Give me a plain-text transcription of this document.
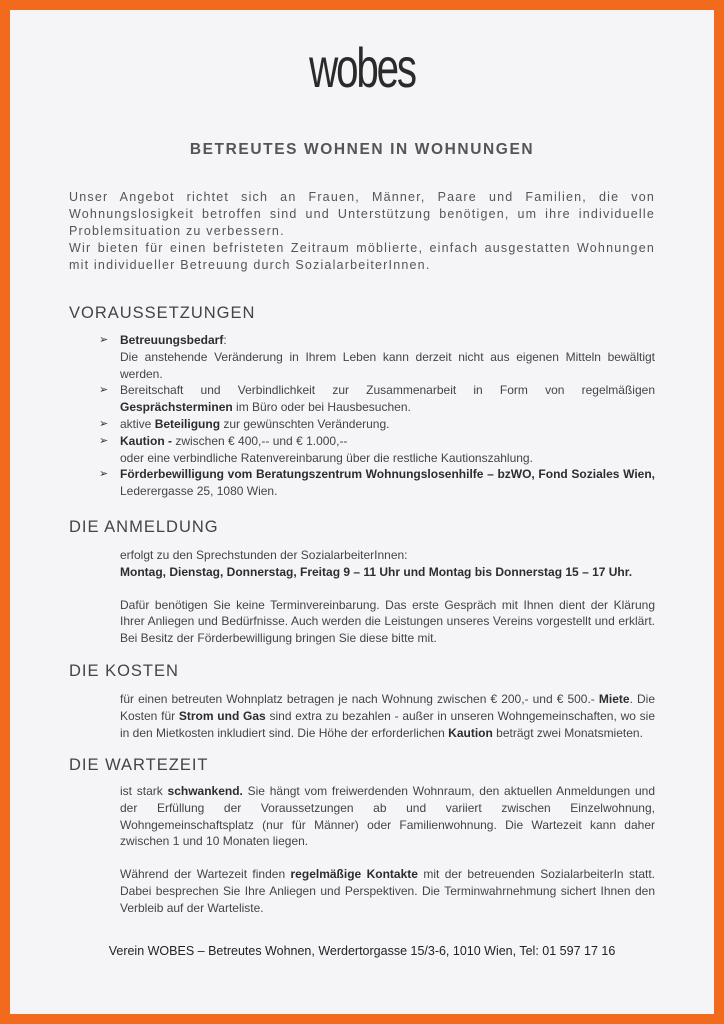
wobes
BETREUTES WOHNEN IN WOHNUNGEN

Unser Angebot richtet sich an Frauen, Männer, Paare und Familien, die von Wohnungslosigkeit betroffen sind und Unterstützung benötigen, um ihre individuelle Problemsituation zu verbessern.

Wir bieten für einen befristeten Zeitraum möblierte, einfach ausgestatten Wohnungen mit individueller Betreuung durch SozialarbeiterInnen.

VORAUSSETZUNGEN
➢ Betreuungsbedarf:
Die anstehende Veränderung in Ihrem Leben kann derzeit nicht aus eigenen Mitteln bewältigt werden.
➢ Bereitschaft und Verbindlichkeit zur Zusammenarbeit in Form von regelmäßigen Gesprächsterminen im Büro oder bei Hausbesuchen.
➢ aktive Beteiligung zur gewünschten Veränderung.
➢ Kaution - zwischen € 400,-- und € 1.000,--
oder eine verbindliche Ratenvereinbarung über die restliche Kautionszahlung.
➢ Förderbewilligung vom Beratungszentrum Wohnungslosenhilfe – bzWO, Fond Soziales Wien, Lederergasse 25, 1080 Wien.
DIE ANMELDUNG

erfolgt zu den Sprechstunden der SozialarbeiterInnen:

Montag, Dienstag, Donnerstag, Freitag 9 – 11 Uhr und Montag bis Donnerstag 15 – 17 Uhr.

Dafür benötigen Sie keine Terminvereinbarung. Das erste Gespräch mit Ihnen dient der Klärung Ihrer Anliegen und Bedürfnisse. Auch werden die Leistungen unseres Vereins vorgestellt und erklärt. Bei Besitz der Förderbewilligung bringen Sie diese bitte mit.

DIE KOSTEN

für einen betreuten Wohnplatz betragen je nach Wohnung zwischen € 200,- und € 500.- Miete. Die Kosten für Strom und Gas sind extra zu bezahlen - außer in unseren Wohngemeinschaften, wo sie in den Mietkosten inkludiert sind. Die Höhe der erforderlichen Kaution beträgt zwei Monatsmieten.

DIE WARTEZEIT

ist stark schwankend. Sie hängt vom freiwerdenden Wohnraum, den aktuellen Anmeldungen und der Erfüllung der Voraussetzungen ab und variiert zwischen Einzelwohnung, Wohngemeinschaftsplatz (nur für Männer) oder Familienwohnung. Die Wartezeit kann daher zwischen 1 und 10 Monaten liegen.

Während der Wartezeit finden regelmäßige Kontakte mit der betreuenden SozialarbeiterIn statt. Dabei besprechen Sie Ihre Anliegen und Perspektiven. Die Terminwahrnehmung sichert Ihnen den Verbleib auf der Warteliste.

Verein WOBES – Betreutes Wohnen, Werdertorgasse 15/3-6, 1010 Wien, Tel: 01 597 17 16
